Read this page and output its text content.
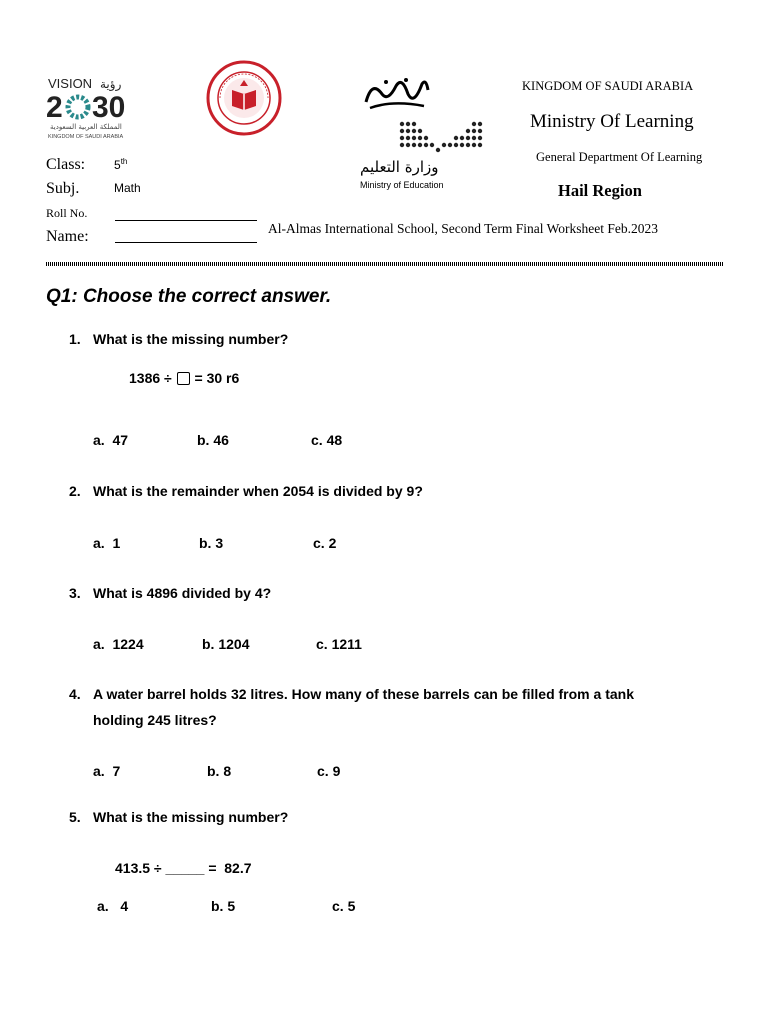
VISION رؤية
2 30
المملكة العربية السعودية
KINGDOM OF SAUDI ARABIA
وزارة التعليم
Ministry of Education
KINGDOM OF SAUDI ARABIA
Ministry Of Learning
General Department Of Learning
Hail Region
Class: 5th
Subj.	Math
Roll No.
Name:	Al-Almas International School, Second Term Final Worksheet Feb.2023
Q1: Choose the correct answer.
1. What is the missing number?
1386 ÷ = 30 r6
a.  47	b. 46	c. 48
2. What is the remainder when 2054 is divided by 9?
a.  1	b. 3	c. 2
3. What is 4896 divided by 4?
a.  1224	b. 1204	c. 1211
4. A water barrel holds 32 litres. How many of these barrels can be filled from a tank
holding 245 litres?
a.  7	b. 8	c. 9
5. What is the missing number?
413.5 ÷ _____ =  82.7
a.   4	b. 5	c. 5
